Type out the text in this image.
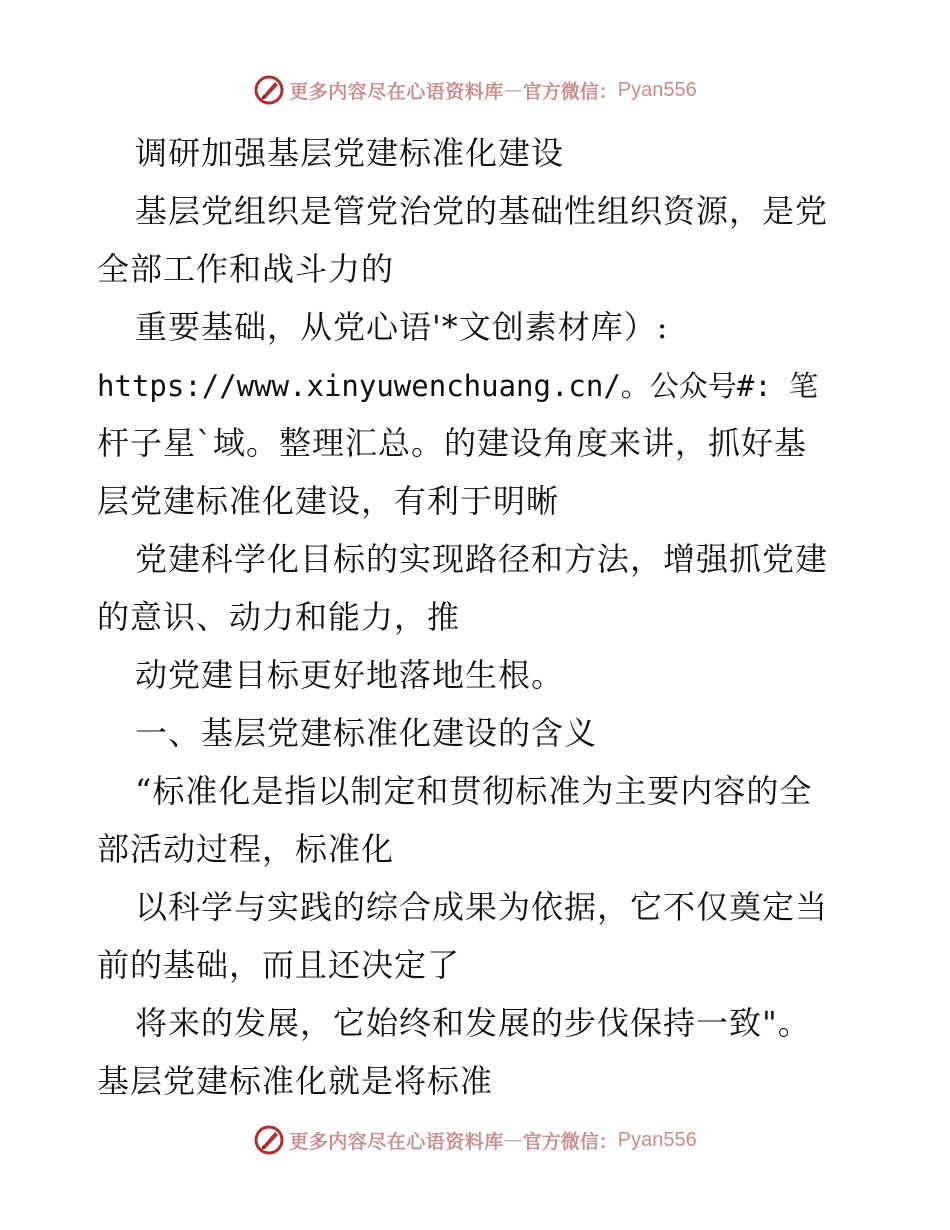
更多内容尽在心语资料库 — 官方微信： Pyan556
调研加强基层党建标准化建设
基层党组织是管党治党的基础性组织资源，是党
全部工作和战斗力的
重要基础，从党心语'*文创素材库）:
https://www.xinyuwenchuang.cn/。公众号#: 笔
杆子星`域。整理汇总。的建设角度来讲，抓好基
层党建标准化建设，有利于明晰
党建科学化目标的实现路径和方法，增强抓党建
的意识、动力和能力，推
动党建目标更好地落地生根。
一、基层党建标准化建设的含义
“标准化是指以制定和贯彻标准为主要内容的全
部活动过程，标准化
以科学与实践的综合成果为依据，它不仅奠定当
前的基础，而且还决定了
将来的发展，它始终和发展的步伐保持一致"。
基层党建标准化就是将标准
更多内容尽在心语资料库 — 官方微信： Pyan556
